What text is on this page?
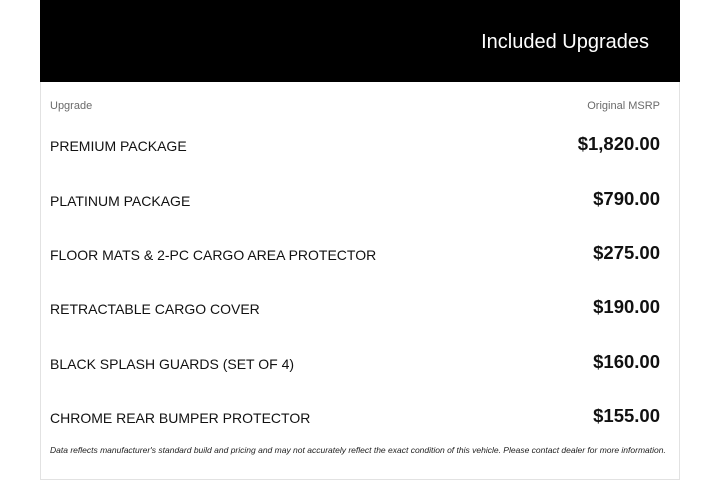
Included Upgrades
Upgrade	Original MSRP
PREMIUM PACKAGE	$1,820.00
PLATINUM PACKAGE	$790.00
FLOOR MATS & 2-PC CARGO AREA PROTECTOR	$275.00
RETRACTABLE CARGO COVER	$190.00
BLACK SPLASH GUARDS (SET OF 4)	$160.00
CHROME REAR BUMPER PROTECTOR	$155.00
Data reflects manufacturer's standard build and pricing and may not accurately reflect the exact condition of this vehicle. Please contact dealer for more information.
